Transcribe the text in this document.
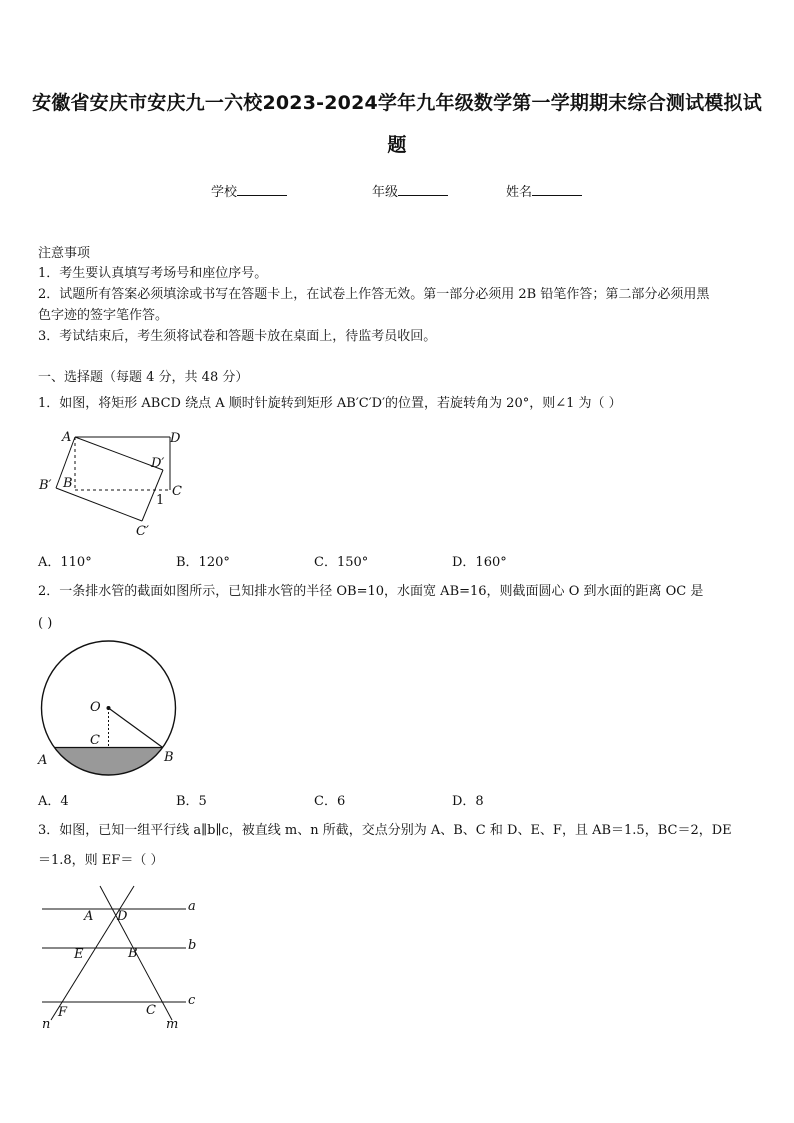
安徽省安庆市安庆九一六校2023-2024学年九年级数学第一学期期末综合测试模拟试
题
学校	年级	姓名
注意事项
1．考生要认真填写考场号和座位序号。
2．试题所有答案必须填涂或书写在答题卡上，在试卷上作答无效。第一部分必须用 2B 铅笔作答；第二部分必须用黑
色字迹的签字笔作答。
3．考试结束后，考生须将试卷和答题卡放在桌面上，待监考员收回。
一、选择题（每题 4 分，共 48 分）
1．如图，将矩形 ABCD 绕点 A 顺时针旋转到矩形 AB′C′D′的位置，若旋转角为 20°，则∠1 为（ ）
A	D
D′
B′ B
C
1
C′
A．110°	B．120°	C．150°	D．160°
2．一条排水管的截面如图所示，已知排水管的半径 OB=10，水面宽 AB=16，则截面圆心 O 到水面的距离 OC 是
( )
O
C
A	B
A．4	B．5	C．6	D．8
3．如图，已知一组平行线 a∥b∥c，被直线 m、n 所截，交点分别为 A、B、C 和 D、E、F，且 AB＝1.5，BC＝2，DE
＝1.8，则 EF＝（ ）
a
b
c
A D
E	B
F	C
n	m
